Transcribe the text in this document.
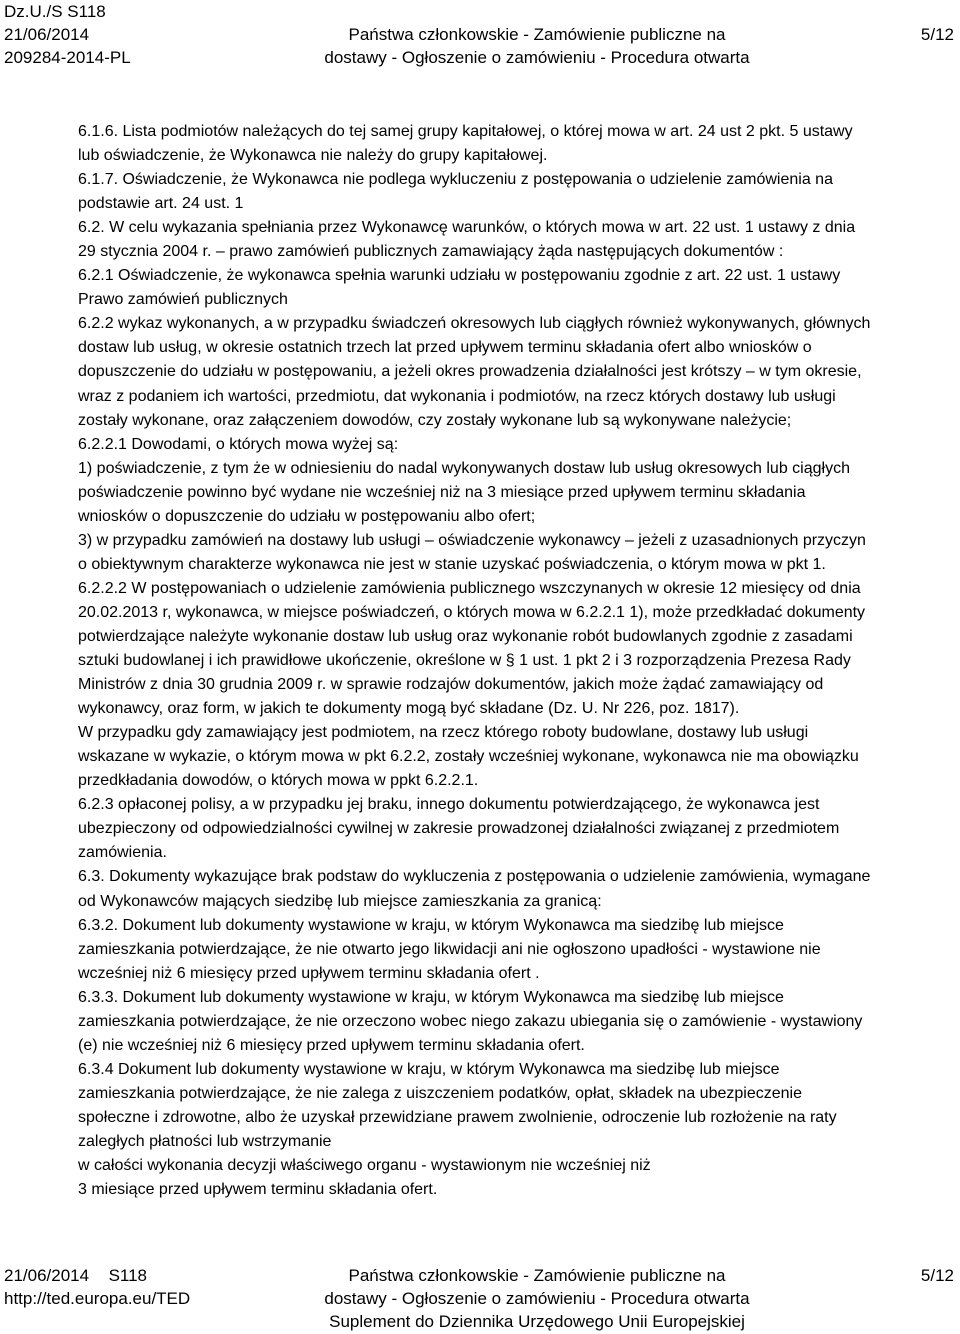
Dz.U./S S118
21/06/2014
209284-2014-PL

Państwa członkowskie - Zamówienie publiczne na
dostawy - Ogłoszenie o zamówieniu - Procedura otwarta

5/12

6.1.6. Lista podmiotów należących do tej samej grupy kapitałowej, o której mowa w art. 24 ust 2 pkt. 5 ustawy

lub oświadczenie, że Wykonawca nie należy do grupy kapitałowej.

6.1.7. Oświadczenie, że Wykonawca nie podlega wykluczeniu z postępowania o udzielenie zamówienia na

podstawie art. 24 ust. 1

6.2. W celu wykazania spełniania przez Wykonawcę warunków, o których mowa w art. 22 ust. 1 ustawy z dnia

29 stycznia 2004 r. – prawo zamówień publicznych zamawiający żąda następujących dokumentów :

6.2.1 Oświadczenie, że wykonawca spełnia warunki udziału w postępowaniu zgodnie z art. 22 ust. 1 ustawy

Prawo zamówień publicznych

6.2.2 wykaz wykonanych, a w przypadku świadczeń okresowych lub ciągłych również wykonywanych, głównych

dostaw lub usług, w okresie ostatnich trzech lat przed upływem terminu składania ofert albo wniosków o

dopuszczenie do udziału w postępowaniu, a jeżeli okres prowadzenia działalności jest krótszy – w tym okresie,

wraz z podaniem ich wartości, przedmiotu, dat wykonania i podmiotów, na rzecz których dostawy lub usługi

zostały wykonane, oraz załączeniem dowodów, czy zostały wykonane lub są wykonywane należycie;

6.2.2.1 Dowodami, o których mowa wyżej są:

1) poświadczenie, z tym że w odniesieniu do nadal wykonywanych dostaw lub usług okresowych lub ciągłych

poświadczenie powinno być wydane nie wcześniej niż na 3 miesiące przed upływem terminu składania

wniosków o dopuszczenie do udziału w postępowaniu albo ofert;

3) w przypadku zamówień na dostawy lub usługi – oświadczenie wykonawcy – jeżeli z uzasadnionych przyczyn

o obiektywnym charakterze wykonawca nie jest w stanie uzyskać poświadczenia, o którym mowa w pkt 1.

6.2.2.2 W postępowaniach o udzielenie zamówienia publicznego wszczynanych w okresie 12 miesięcy od dnia

20.02.2013 r, wykonawca, w miejsce poświadczeń, o których mowa w 6.2.2.1 1), może przedkładać dokumenty

potwierdzające należyte wykonanie dostaw lub usług oraz wykonanie robót budowlanych zgodnie z zasadami

sztuki budowlanej i ich prawidłowe ukończenie, określone w § 1 ust. 1 pkt 2 i 3 rozporządzenia Prezesa Rady

Ministrów z dnia 30 grudnia 2009 r. w sprawie rodzajów dokumentów, jakich może żądać zamawiający od

wykonawcy, oraz form, w jakich te dokumenty mogą być składane (Dz. U. Nr 226, poz. 1817).

W przypadku gdy zamawiający jest podmiotem, na rzecz którego roboty budowlane, dostawy lub usługi

wskazane w wykazie, o którym mowa w pkt 6.2.2, zostały wcześniej wykonane, wykonawca nie ma obowiązku

przedkładania dowodów, o których mowa w ppkt 6.2.2.1.

6.2.3 opłaconej polisy, a w przypadku jej braku, innego dokumentu potwierdzającego, że wykonawca jest

ubezpieczony od odpowiedzialności cywilnej w zakresie prowadzonej działalności związanej z przedmiotem

zamówienia.

6.3. Dokumenty wykazujące brak podstaw do wykluczenia z postępowania o udzielenie zamówienia, wymagane

od Wykonawców mających siedzibę lub miejsce zamieszkania za granicą:

6.3.2. Dokument lub dokumenty wystawione w kraju, w którym Wykonawca ma siedzibę lub miejsce

zamieszkania potwierdzające, że nie otwarto jego likwidacji ani nie ogłoszono upadłości - wystawione nie

wcześniej niż 6 miesięcy przed upływem terminu składania ofert .

6.3.3. Dokument lub dokumenty wystawione w kraju, w którym Wykonawca ma siedzibę lub miejsce

zamieszkania potwierdzające, że nie orzeczono wobec niego zakazu ubiegania się o zamówienie - wystawiony

(e) nie wcześniej niż 6 miesięcy przed upływem terminu składania ofert.

6.3.4 Dokument lub dokumenty wystawione w kraju, w którym Wykonawca ma siedzibę lub miejsce

zamieszkania potwierdzające, że nie zalega z uiszczeniem podatków, opłat, składek na ubezpieczenie

społeczne i zdrowotne, albo że uzyskał przewidziane prawem zwolnienie, odroczenie lub rozłożenie na raty

zaległych płatności lub wstrzymanie

w całości wykonania decyzji właściwego organu - wystawionym nie wcześniej niż

3 miesiące przed upływem terminu składania ofert.

21/06/2014 S118
http://ted.europa.eu/TED
Państwa członkowskie - Zamówienie publiczne na
dostawy - Ogłoszenie o zamówieniu - Procedura otwarta
Suplement do Dziennika Urzędowego Unii Europejskiej
5/12
